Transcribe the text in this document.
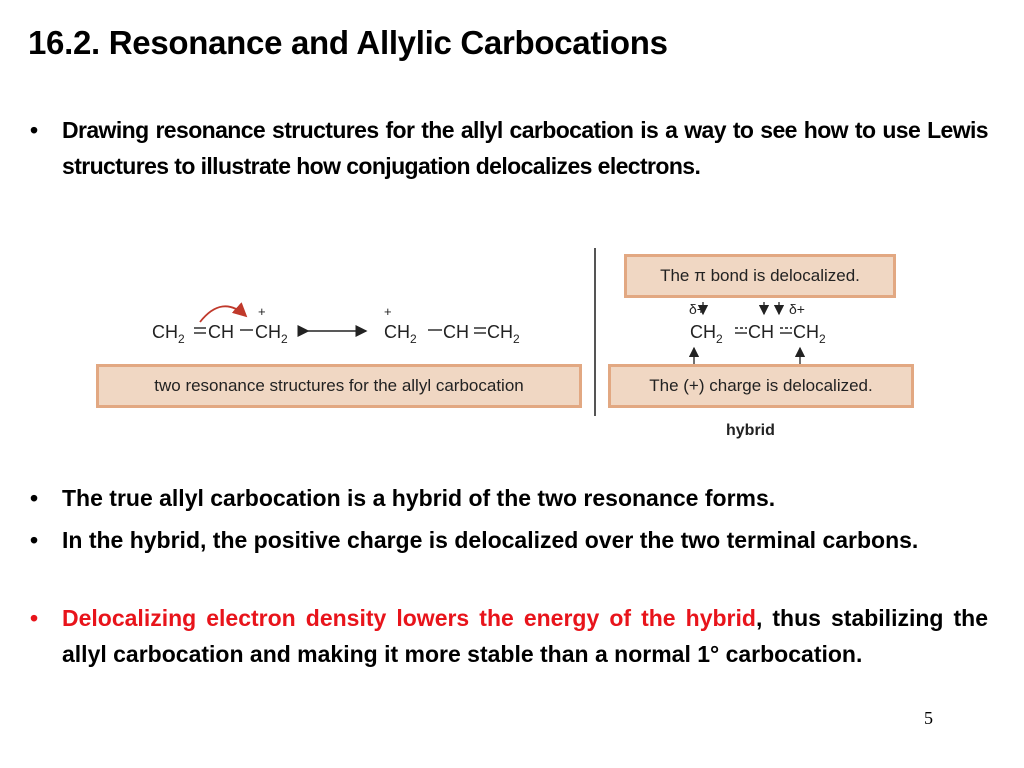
16.2. Resonance and Allylic Carbocations
•	Drawing resonance structures for the allyl carbocation is a way to see how to use Lewis structures to illustrate how conjugation delocalizes electrons.
$CH_2$ CH $CH_2$
+	+
$CH_2$ CH $CH_2$
δ+	δ+
$CH_2$ CH $CH_2$
The π bond is delocalized.
two resonance structures for the allyl carbocation	The (+) charge is delocalized.
hybrid
•	The true allyl carbocation is a hybrid of the two resonance forms.
•	In the hybrid, the positive charge is delocalized over the two terminal carbons.
•	Delocalizing electron density lowers the energy of the hybrid, thus stabilizing the allyl carbocation and making it more stable than a normal 1° carbocation.
5
